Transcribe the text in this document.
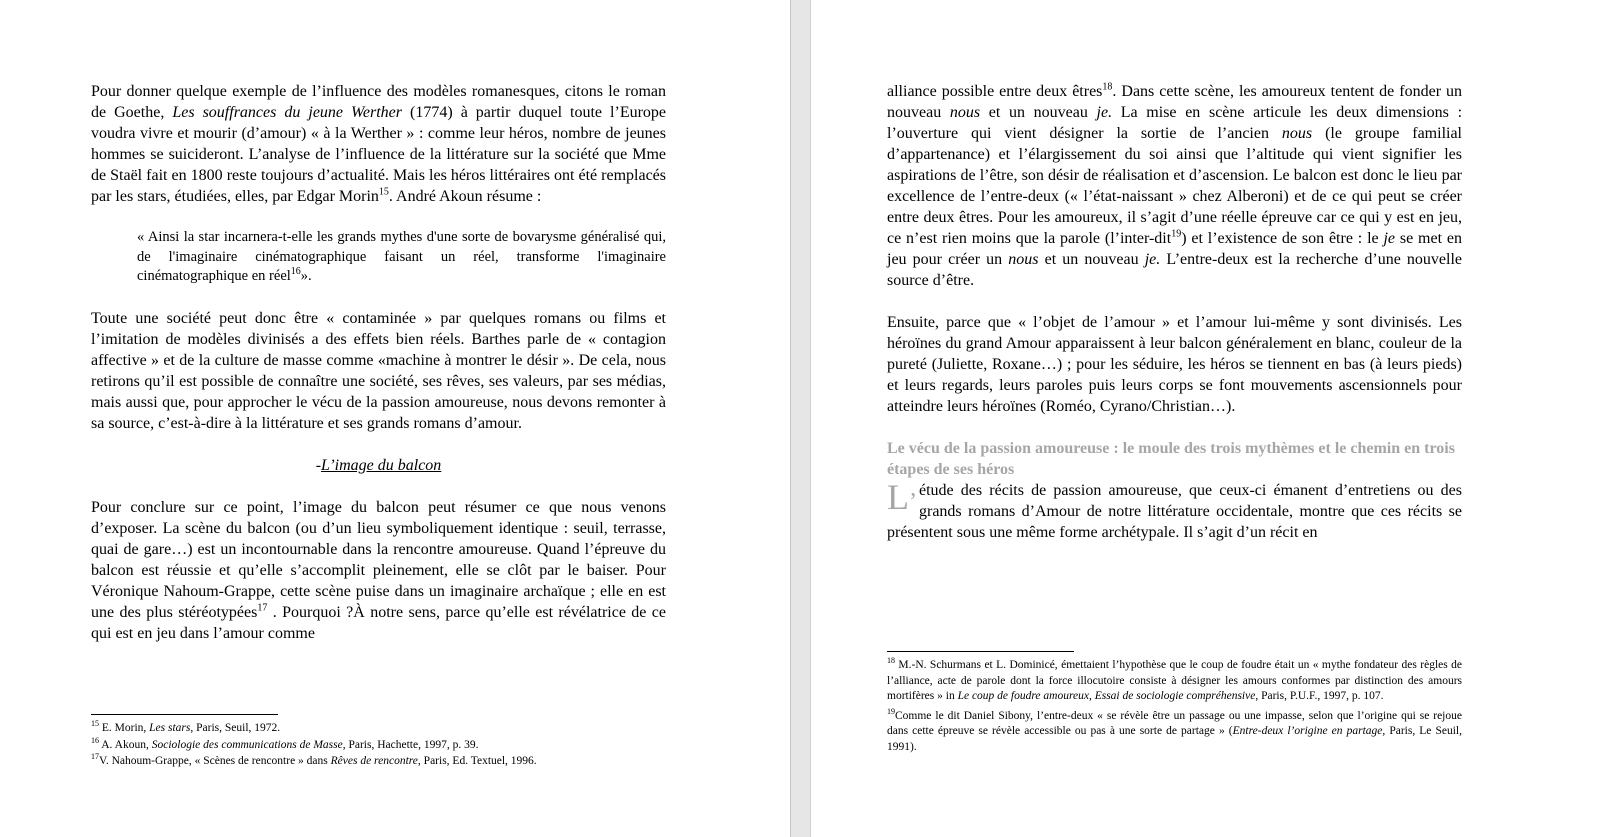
Pour donner quelque exemple de l’influence des modèles romanesques, citons le roman de Goethe, Les souffrances du jeune Werther (1774) à partir duquel toute l’Europe voudra vivre et mourir (d’amour) « à la Werther » : comme leur héros, nombre de jeunes hommes se suicideront. L’analyse de l’influence de la littérature sur la société que Mme de Staël fait en 1800 reste toujours d’actualité. Mais les héros littéraires ont été remplacés par les stars, étudiées, elles, par Edgar Morin$^{15}$. André Akoun résume :

« Ainsi la star incarnera-t-elle les grands mythes d'une sorte de bovarysme généralisé qui, de l'imaginaire cinématographique faisant un réel, transforme l'imaginaire cinématographique en réel$^{16}$».

Toute une société peut donc être « contaminée » par quelques romans ou films et l’imitation de modèles divinisés a des effets bien réels. Barthes parle de « contagion affective » et de la culture de masse comme «machine à montrer le désir ». De cela, nous retirons qu’il est possible de connaître une société, ses rêves, ses valeurs, par ses médias, mais aussi que, pour approcher le vécu de la passion amoureuse, nous devons remonter à sa source, c’est-à-dire à la littérature et ses grands romans d’amour.

-L’image du balcon

Pour conclure sur ce point, l’image du balcon peut résumer ce que nous venons d’exposer. La scène du balcon (ou d’un lieu symboliquement identique : seuil, terrasse, quai de gare…) est un incontournable dans la rencontre amoureuse. Quand l’épreuve du balcon est réussie et qu’elle s’accomplit pleinement, elle se clôt par le baiser. Pour Véronique Nahoum-Grappe, cette scène puise dans un imaginaire archaïque ; elle en est une des plus stéréotypées$^{17}$ . Pourquoi ?À notre sens, parce qu’elle est révélatrice de ce qui est en jeu dans l’amour comme

$^{15}$ E. Morin, Les stars, Paris, Seuil, 1972.

$^{16}$ A. Akoun, Sociologie des communications de Masse, Paris, Hachette, 1997, p. 39.

$^{17}$V. Nahoum-Grappe, « Scènes de rencontre » dans Rêves de rencontre, Paris, Ed. Textuel, 1996.

alliance possible entre deux êtres$^{18}$. Dans cette scène, les amoureux tentent de fonder un nouveau nous et un nouveau je. La mise en scène articule les deux dimensions : l’ouverture qui vient désigner la sortie de l’ancien nous (le groupe familial d’appartenance) et l’élargissement du soi ainsi que l’altitude qui vient signifier les aspirations de l’être, son désir de réalisation et d’ascension. Le balcon est donc le lieu par excellence de l’entre-deux (« l’état-naissant » chez Alberoni) et de ce qui peut se créer entre deux êtres. Pour les amoureux, il s’agit d’une réelle épreuve car ce qui y est en jeu, ce n’est rien moins que la parole (l’inter-dit$^{19}$) et l’existence de son être : le je se met en jeu pour créer un nous et un nouveau je. L’entre-deux est la recherche d’une nouvelle source d’être.

Ensuite, parce que « l’objet de l’amour » et l’amour lui-même y sont divinisés. Les héroïnes du grand Amour apparaissent à leur balcon généralement en blanc, couleur de la pureté (Juliette, Roxane…) ; pour les séduire, les héros se tiennent en bas (à leurs pieds) et leurs regards, leurs paroles puis leurs corps se font mouvements ascensionnels pour atteindre leurs héroïnes (Roméo, Cyrano/Christian…).

Le vécu de la passion amoureuse : le moule des trois mythèmes et le chemin en trois étapes de ses héros

L’ étude des récits de passion amoureuse, que ceux-ci émanent d’entretiens ou des grands romans d’Amour de notre littérature occidentale, montre que ces récits se présentent sous une même forme archétypale. Il s’agit d’un récit en

$^{18}$ M.-N. Schurmans et L. Dominicé, émettaient l’hypothèse que le coup de foudre était un « mythe fondateur des règles de l’alliance, acte de parole dont la force illocutoire consiste à désigner les amours conformes par distinction des amours mortifères » in Le coup de foudre amoureux, Essai de sociologie compréhensive, Paris, P.U.F., 1997, p. 107.

$^{19}$Comme le dit Daniel Sibony, l’entre-deux « se révèle être un passage ou une impasse, selon que l’origine qui se rejoue dans cette épreuve se révèle accessible ou pas à une sorte de partage » (Entre-deux l’origine en partage, Paris, Le Seuil, 1991).
